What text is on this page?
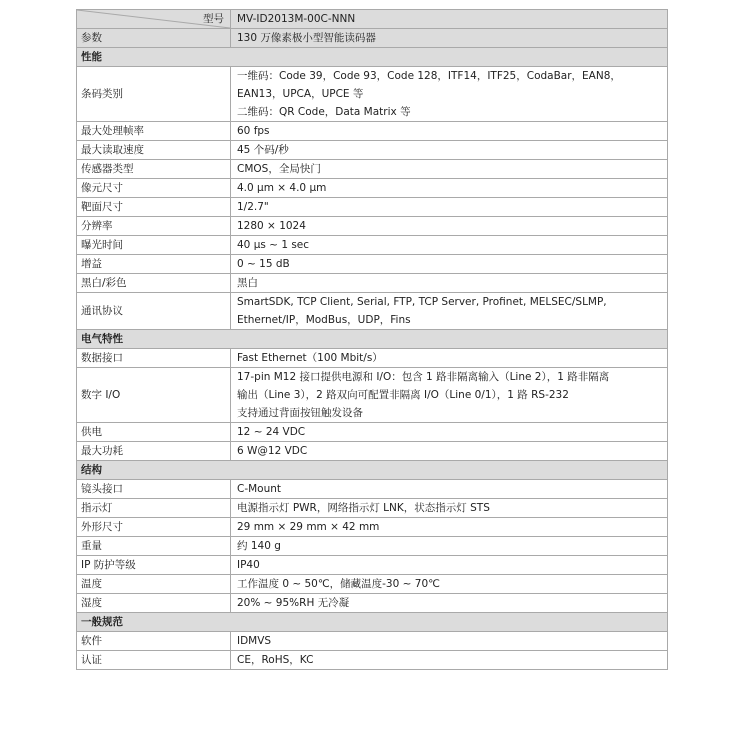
型号	MV-ID2013M-00C-NNN
参数	130 万像素极小型智能读码器
性能	
条码类别	一维码：Code 39，Code 93，Code 128，ITF14，ITF25，CodaBar，EAN8，
EAN13，UPCA，UPCE 等
二维码：QR Code，Data Matrix 等

最大处理帧率	60 fps

最大读取速度	45 个码/秒

传感器类型	CMOS，全局快门

像元尺寸	4.0 μm × 4.0 μm

靶面尺寸	1/2.7"

分辨率	1280 × 1024

曝光时间	40 μs ~ 1 sec

增益	0 ~ 15 dB

黑白/彩色	黑白

通讯协议	SmartSDK, TCP Client, Serial, FTP, TCP Server, Profinet, MELSEC/SLMP,
Ethernet/IP，ModBus，UDP，Fins

电气特性	
数据接口	Fast Ethernet（100 Mbit/s）

数字 I/O	17-pin M12 接口提供电源和 I/O：包含 1 路非隔离输入（Line 2），1 路非隔离
输出（Line 3），2 路双向可配置非隔离 I/O（Line 0/1），1 路 RS-232
支持通过背面按钮触发设备

供电	12 ~ 24 VDC

最大功耗	6 W@12 VDC

结构	
镜头接口	C-Mount

指示灯	电源指示灯 PWR，网络指示灯 LNK，状态指示灯 STS

外形尺寸	29 mm × 29 mm × 42 mm

重量	约 140 g

IP 防护等级	IP40

温度	工作温度 0 ~ 50℃，储藏温度-30 ~ 70℃

湿度	20% ~ 95%RH 无冷凝

一般规范	
软件	IDMVS

认证	CE，RoHS，KC
